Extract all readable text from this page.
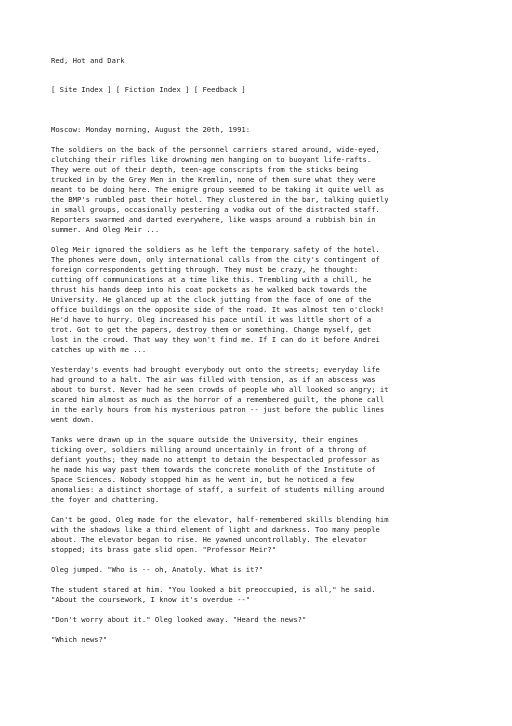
Red, Hot and Dark
[ Site Index ] [ Fiction Index ] [ Feedback ]
Moscow: Monday morning, August the 20th, 1991:
The soldiers on the back of the personnel carriers stared around, wide-eyed,
clutching their rifles like drowning men hanging on to buoyant life-rafts.
They were out of their depth, teen-age conscripts from the sticks being
trucked in by the Grey Men in the Kremlin, none of them sure what they were
meant to be doing here. The emigre group seemed to be taking it quite well as
the BMP's rumbled past their hotel. They clustered in the bar, talking quietly
in small groups, occasionally pestering a vodka out of the distracted staff.
Reporters swarmed and darted everywhere, like wasps around a rubbish bin in
summer. And Oleg Meir ...
Oleg Meir ignored the soldiers as he left the temporary safety of the hotel.
The phones were down, only international calls from the city's contingent of
foreign correspondents getting through. They must be crazy, he thought:
cutting off communications at a time like this. Trembling with a chill, he
thrust his hands deep into his coat pockets as he walked back towards the
University. He glanced up at the clock jutting from the face of one of the
office buildings on the opposite side of the road. It was almost ten o'clock!
He'd have to hurry. Oleg increased his pace until it was little short of a
trot. Got to get the papers, destroy them or something. Change myself, get
lost in the crowd. That way they won't find me. If I can do it before Andrei
catches up with me ...
Yesterday's events had brought everybody out onto the streets; everyday life
had ground to a halt. The air was filled with tension, as if an abscess was
about to burst. Never had he seen crowds of people who all looked so angry; it
scared him almost as much as the horror of a remembered guilt, the phone call
in the early hours from his mysterious patron -- just before the public lines
went down.
Tanks were drawn up in the square outside the University, their engines
ticking over, soldiers milling around uncertainly in front of a throng of
defiant youths; they made no attempt to detain the bespectacled professor as
he made his way past them towards the concrete monolith of the Institute of
Space Sciences. Nobody stopped him as he went in, but he noticed a few
anomalies: a distinct shortage of staff, a surfeit of students milling around
the foyer and chattering.
Can't be good. Oleg made for the elevator, half-remembered skills blending him
with the shadows like a third element of light and darkness. Too many people
about. The elevator began to rise. He yawned uncontrollably. The elevator
stopped; its brass gate slid open. "Professor Meir?"
Oleg jumped. "Who is -- oh, Anatoly. What is it?"
The student stared at him. "You looked a bit preoccupied, is all," he said.
"About the coursework, I know it's overdue --"
"Don't worry about it." Oleg looked away. "Heard the news?"
"Which news?"
